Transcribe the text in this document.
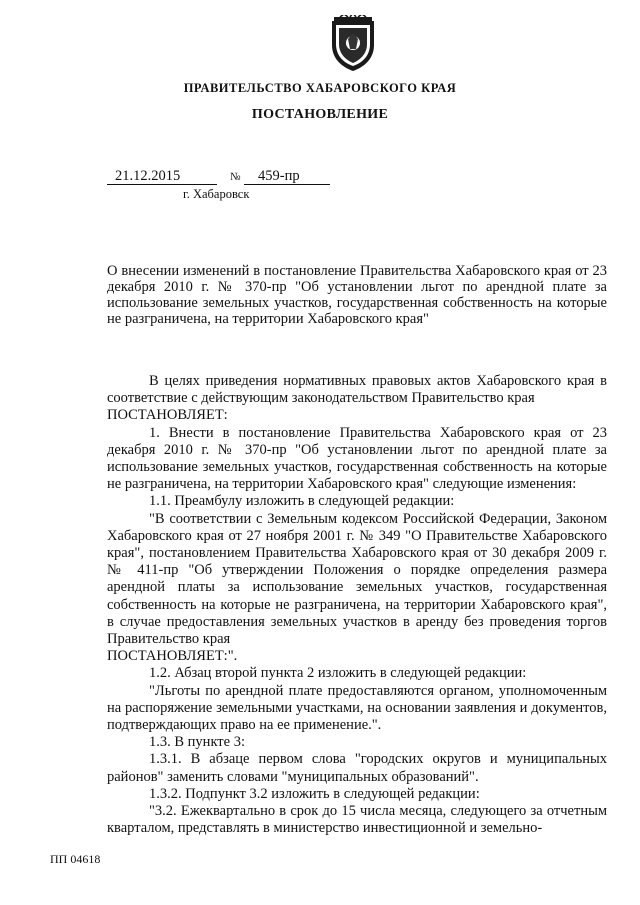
ПРАВИТЕЛЬСТВО ХАБАРОВСКОГО КРАЯ
ПОСТАНОВЛЕНИЕ
21.12.2015	№	459-пр
г. Хабаровск
О внесении изменений в постановление Правительства Хабаровского края от 23 декабря 2010 г. № 370-пр "Об установлении льгот по арендной плате за использование земельных участков, государственная собственность на которые не разграничена, на территории Хабаровского края"

В целях приведения нормативных правовых актов Хабаровского края в соответствие с действующим законодательством Правительство края

ПОСТАНОВЛЯЕТ:

1. Внести в постановление Правительства Хабаровского края от 23 декабря 2010 г. № 370-пр "Об установлении льгот по арендной плате за использование земельных участков, государственная собственность на которые не разграничена, на территории Хабаровского края" следующие изменения:

1.1. Преамбулу изложить в следующей редакции:

"В соответствии с Земельным кодексом Российской Федерации, Законом Хабаровского края от 27 ноября 2001 г. № 349 "О Правительстве Хабаровского края", постановлением Правительства Хабаровского края от 30 декабря 2009 г. № 411-пр "Об утверждении Положения о порядке определения размера арендной платы за использование земельных участков, государственная собственность на которые не разграничена, на территории Хабаровского края", в случае предоставления земельных участков в аренду без проведения торгов Правительство края

ПОСТАНОВЛЯЕТ:".

1.2. Абзац второй пункта 2 изложить в следующей редакции:

"Льготы по арендной плате предоставляются органом, уполномоченным на распоряжение земельными участками, на основании заявления и документов, подтверждающих право на ее применение.".

1.3. В пункте 3:

1.3.1. В абзаце первом слова "городских округов и муниципальных районов" заменить словами "муниципальных образований".

1.3.2. Подпункт 3.2 изложить в следующей редакции:

"3.2. Ежеквартально в срок до 15 числа месяца, следующего за отчетным кварталом, представлять в министерство инвестиционной и земельно-

ПП 04618
